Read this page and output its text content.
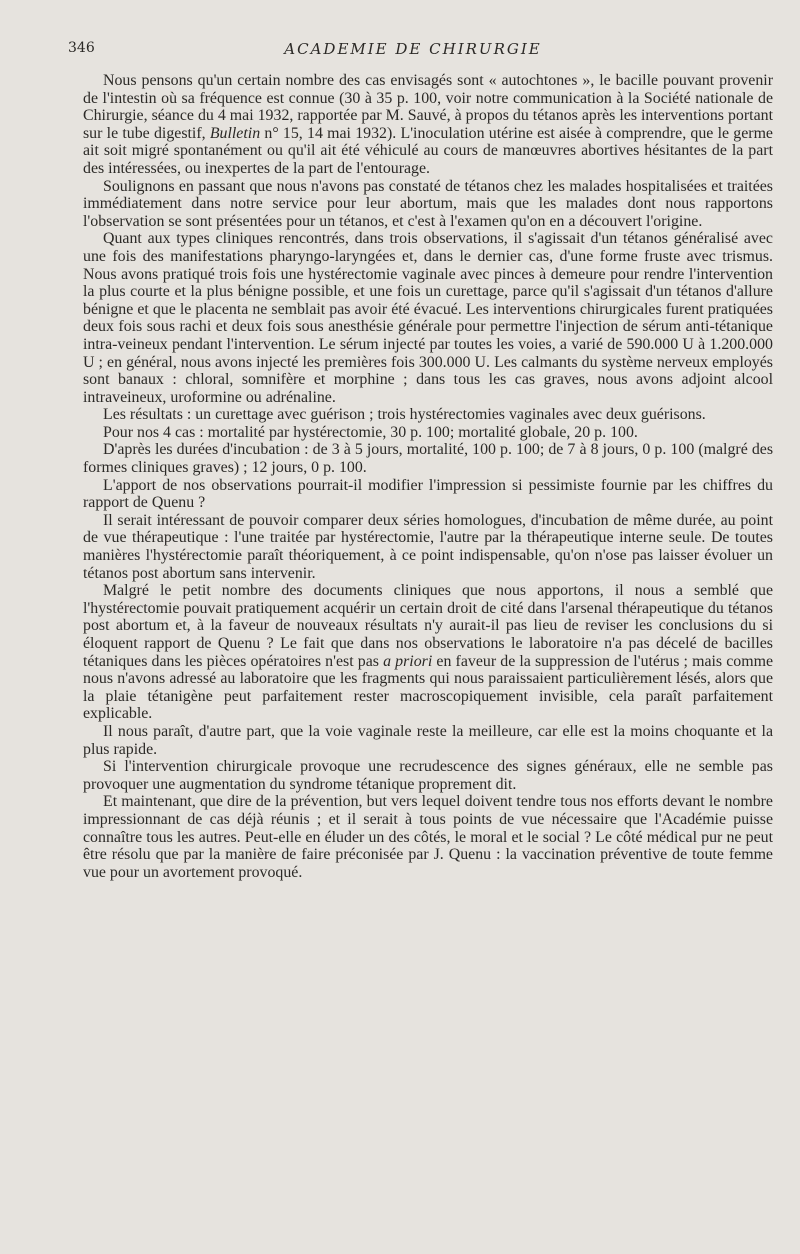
346	ACADEMIE DE CHIRURGIE

Nous pensons qu'un certain nombre des cas envisagés sont « autochtones », le bacille pouvant provenir de l'intestin où sa fréquence est connue (30 à 35 p. 100, voir notre communication à la Société nationale de Chirurgie, séance du 4 mai 1932, rapportée par M. Sauvé, à propos du tétanos après les interventions portant sur le tube digestif, Bulletin n° 15, 14 mai 1932). L'inoculation utérine est aisée à comprendre, que le germe ait soit migré spontanément ou qu'il ait été véhiculé au cours de manœuvres abortives hésitantes de la part des intéressées, ou inexpertes de la part de l'entourage.

Soulignons en passant que nous n'avons pas constaté de tétanos chez les malades hospitalisées et traitées immédiatement dans notre service pour leur abortum, mais que les malades dont nous rapportons l'observation se sont présentées pour un tétanos, et c'est à l'examen qu'on en a découvert l'origine.

Quant aux types cliniques rencontrés, dans trois observations, il s'agissait d'un tétanos généralisé avec une fois des manifestations pharyngo-laryngées et, dans le dernier cas, d'une forme fruste avec trismus. Nous avons pratiqué trois fois une hystérectomie vaginale avec pinces à demeure pour rendre l'intervention la plus courte et la plus bénigne possible, et une fois un curettage, parce qu'il s'agissait d'un tétanos d'allure bénigne et que le placenta ne semblait pas avoir été évacué. Les interventions chirurgicales furent pratiquées deux fois sous rachi et deux fois sous anesthésie générale pour permettre l'injection de sérum anti-tétanique intra-veineux pendant l'intervention. Le sérum injecté par toutes les voies, a varié de 590.000 U à 1.200.000 U ; en général, nous avons injecté les premières fois 300.000 U. Les calmants du système nerveux employés sont banaux : chloral, somnifère et morphine ; dans tous les cas graves, nous avons adjoint alcool intraveineux, uroformine ou adrénaline.

Les résultats : un curettage avec guérison ; trois hystérectomies vaginales avec deux guérisons.

Pour nos 4 cas : mortalité par hystérectomie, 30 p. 100; mortalité globale, 20 p. 100.

D'après les durées d'incubation : de 3 à 5 jours, mortalité, 100 p. 100; de 7 à 8 jours, 0 p. 100 (malgré des formes cliniques graves) ; 12 jours, 0 p. 100.

L'apport de nos observations pourrait-il modifier l'impression si pessimiste fournie par les chiffres du rapport de Quenu ?

Il serait intéressant de pouvoir comparer deux séries homologues, d'incubation de même durée, au point de vue thérapeutique : l'une traitée par hystérectomie, l'autre par la thérapeutique interne seule. De toutes manières l'hystérectomie paraît théoriquement, à ce point indispensable, qu'on n'ose pas laisser évoluer un tétanos post abortum sans intervenir.

Malgré le petit nombre des documents cliniques que nous apportons, il nous a semblé que l'hystérectomie pouvait pratiquement acquérir un certain droit de cité dans l'arsenal thérapeutique du tétanos post abortum et, à la faveur de nouveaux résultats n'y aurait-il pas lieu de reviser les conclusions du si éloquent rapport de Quenu ? Le fait que dans nos observations le laboratoire n'a pas décelé de bacilles tétaniques dans les pièces opératoires n'est pas a priori en faveur de la suppression de l'utérus ; mais comme nous n'avons adressé au laboratoire que les fragments qui nous paraissaient particulièrement lésés, alors que la plaie tétanigène peut parfaitement rester macroscopiquement invisible, cela paraît parfaitement explicable.

Il nous paraît, d'autre part, que la voie vaginale reste la meilleure, car elle est la moins choquante et la plus rapide.

Si l'intervention chirurgicale provoque une recrudescence des signes généraux, elle ne semble pas provoquer une augmentation du syndrome tétanique proprement dit.

Et maintenant, que dire de la prévention, but vers lequel doivent tendre tous nos efforts devant le nombre impressionnant de cas déjà réunis ; et il serait à tous points de vue nécessaire que l'Académie puisse connaître tous les autres. Peut-elle en éluder un des côtés, le moral et le social ? Le côté médical pur ne peut être résolu que par la manière de faire préconisée par J. Quenu : la vaccination préventive de toute femme vue pour un avortement provoqué.
